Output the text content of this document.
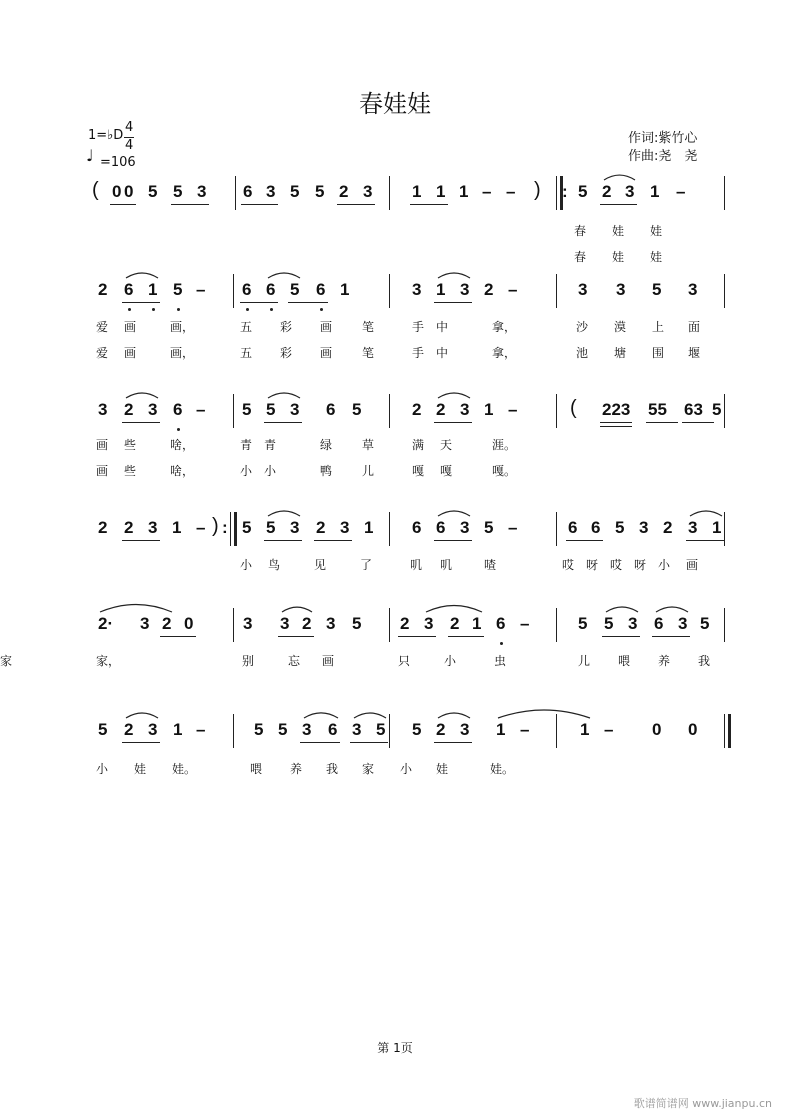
春娃娃
1=♭D
4
4
♩ =106
作词:紫竹心
作曲:尧　尧
( 0 0 5 5 3 6 3 5 5 2 3 1 1 1 – – ) : 5 2 3 1 –
春 娃 娃
春 娃 娃
2 6 1 5 – 6 6 5 6 1	3 1 3 2 –	3 3 5 3
爱 画	画，	五 彩 画 笔	手 中	拿，	沙 漠 上 面
爱 画	画，	五 彩 画 笔	手 中	拿，	池 塘 围 堰
3 2 3 6 – 5 5 3 6 5	2 2 3 1 –	( 223 55 63 5
画 些	啥，	青 青	绿 草	满 天	涯。
画 些	啥，	小 小	鸭 儿	嘎 嘎	嘎。
2 2 3 1 – ) : 5 5 3 2 3 1 6 6 3 5 –	6 6 5 3 2 3 1
小 鸟	见	了	叽 叽	喳	哎 呀 哎 呀 小 画
2· 3 2 0	3 3 2 3 5 2 3 2 1 6 –	5 5 3 6 3 5
家，	别	忘 画	只	小	虫	儿 喂 养 我
家
5 2 3 1 –	5 5 3 6 3 5 5 2 3 1 –	1 – 0 0
小 娃 娃。	喂 养 我 家 小 娃	娃。
第 1页
歌谱简谱网 www.jianpu.cn
